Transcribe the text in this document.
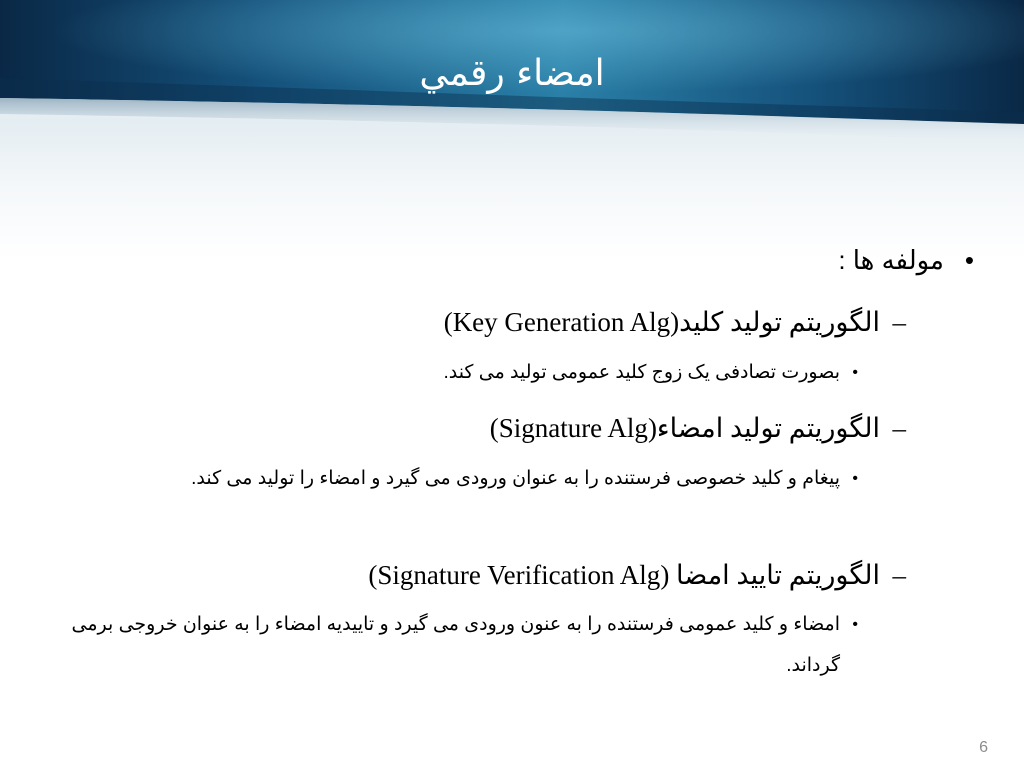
امضاء رقمي
•
مولفه ها :
–
الگوریتم تولید کلید(Key Generation Alg)
•
بصورت تصادفی یک زوج کلید عمومی تولید می کند.
–
الگوریتم تولید امضاء(Signature Alg)
•
پیغام و کلید خصوصی فرستنده را به عنوان ورودی می گیرد و امضاء را تولید می کند.
–
الگوریتم تایید امضا (Signature Verification Alg)
•
امضاء و کلید عمومی فرستنده را به عنون ورودی می گیرد و تاییدیه امضاء را به عنوان خروجی برمی گرداند.
6
